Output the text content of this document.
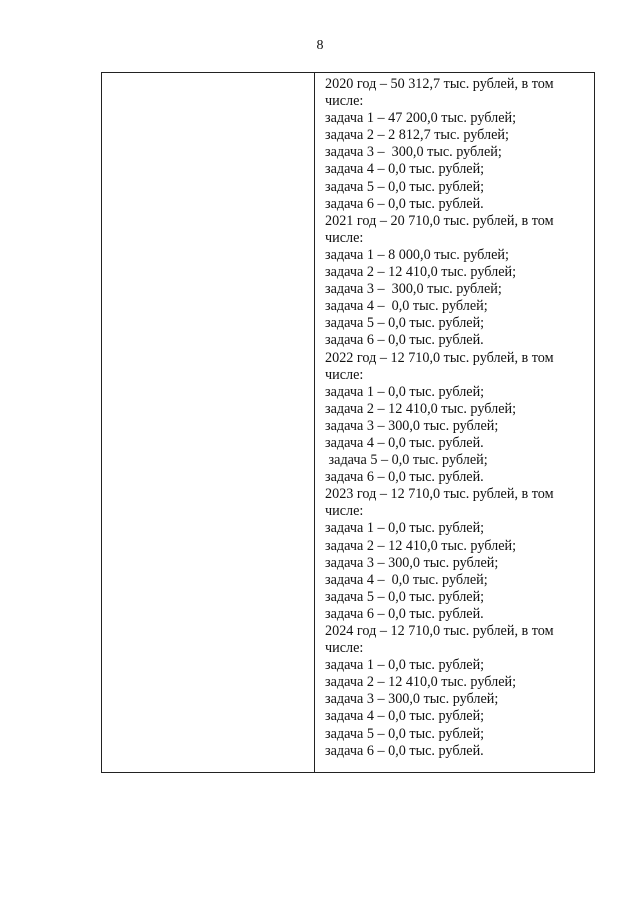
8
2020 год – 50 312,7 тыс. рублей, в том
числе:
задача 1 – 47 200,0 тыс. рублей;
задача 2 – 2 812,7 тыс. рублей;
задача 3 –  300,0 тыс. рублей;
задача 4 – 0,0 тыс. рублей;
задача 5 – 0,0 тыс. рублей;
задача 6 – 0,0 тыс. рублей.
2021 год – 20 710,0 тыс. рублей, в том
числе:
задача 1 – 8 000,0 тыс. рублей;
задача 2 – 12 410,0 тыс. рублей;
задача 3 –  300,0 тыс. рублей;
задача 4 –  0,0 тыс. рублей;
задача 5 – 0,0 тыс. рублей;
задача 6 – 0,0 тыс. рублей.
2022 год – 12 710,0 тыс. рублей, в том
числе:
задача 1 – 0,0 тыс. рублей;
задача 2 – 12 410,0 тыс. рублей;
задача 3 – 300,0 тыс. рублей;
задача 4 – 0,0 тыс. рублей.
задача 5 – 0,0 тыс. рублей;
задача 6 – 0,0 тыс. рублей.
2023 год – 12 710,0 тыс. рублей, в том
числе:
задача 1 – 0,0 тыс. рублей;
задача 2 – 12 410,0 тыс. рублей;
задача 3 – 300,0 тыс. рублей;
задача 4 –  0,0 тыс. рублей;
задача 5 – 0,0 тыс. рублей;
задача 6 – 0,0 тыс. рублей.
2024 год – 12 710,0 тыс. рублей, в том
числе:
задача 1 – 0,0 тыс. рублей;
задача 2 – 12 410,0 тыс. рублей;
задача 3 – 300,0 тыс. рублей;
задача 4 – 0,0 тыс. рублей;
задача 5 – 0,0 тыс. рублей;
задача 6 – 0,0 тыс. рублей.
